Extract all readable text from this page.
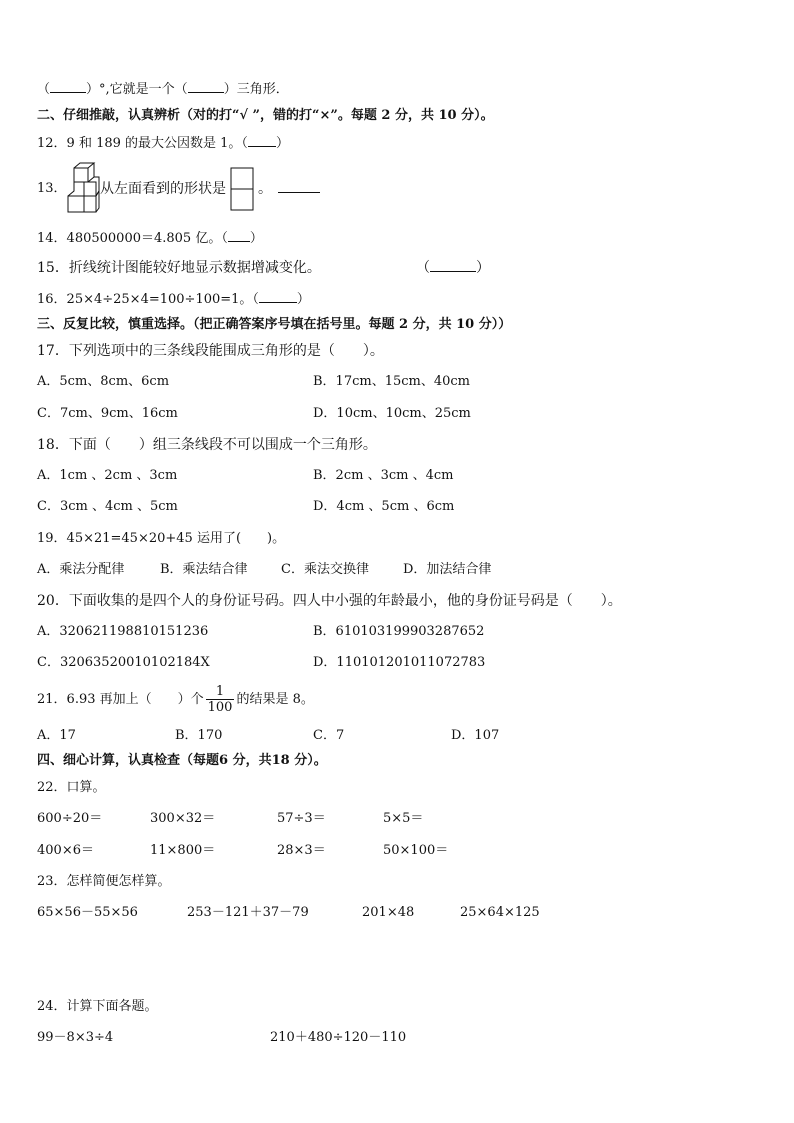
（	）°,它就是一个（	）三角形．
二、仔细推敲，认真辨析（对的打“√ ”，错的打“×”。每题 2 分，共 10 分）。
12．9 和 189 的最大公因数是 1。（ ）
13． 从左面看到的形状是 。
14．480500000＝4.805 亿。（ ）
15．折线统计图能较好地显示数据增减变化。	（	）
16．25×4÷25×4=100÷100=1。（	）
三、反复比较，慎重选择。（把正确答案序号填在括号里。每题 2 分，共 10 分））
17．下列选项中的三条线段能围成三角形的是（　　）。
A．5cm、8cm、6cm	B．17cm、15cm、40cm
C．7cm、9cm、16cm	D．10cm、10cm、25cm
18．下面（　　）组三条线段不可以围成一个三角形。
A．1cm 、2cm 、3cm	B．2cm 、3cm 、4cm
C．3cm 、4cm 、5cm	D．4cm 、5cm 、6cm
19．45×21=45×20+45 运用了(　　)。
A．乘法分配律	B．乘法结合律	C．乘法交换律	D．加法结合律
20．下面收集的是四个人的身份证号码。四人中小强的年龄最小，他的身份证号码是（　　）。
A．320621198810151236	B．610103199903287652
C．32063520010102184X	D．110101201011072783
21．6.93 再加上（　　）个 $\frac{1}{100}$ 的结果是 8。
A．17	B．170	C．7	D．107
四、细心计算，认真检查（每题6 分，共18 分）。
22．口算。
600÷20＝	300×32＝	57÷3＝	5×5＝
400×6＝	11×800＝	28×3＝	50×100＝
23．怎样简便怎样算。
65×56－55×56	253－121＋37－79	201×48	25×64×125
24．计算下面各题。
99－8×3÷4	210＋480÷120－110
